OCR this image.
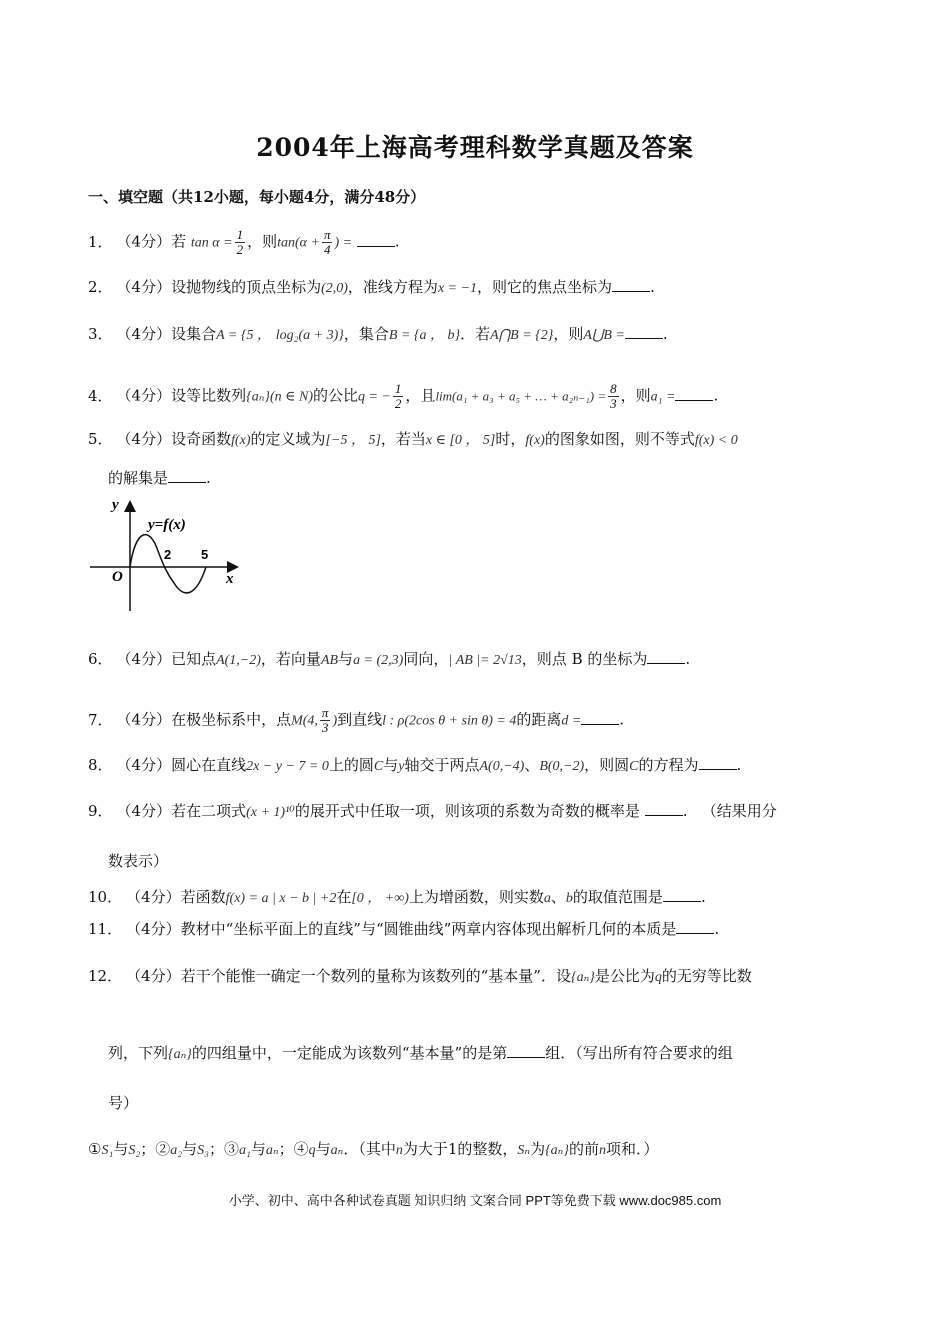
2004年上海高考理科数学真题及答案
一、填空题（共12小题，每小题4分，满分48分）
1． （4分）若 $\tan \alpha = \frac{1}{2}$ ，则$\tan(\alpha + \frac{\pi}{4}$ ) =	.
2． （4分）设抛物线的顶点坐标为(2,0)，准线方程为x = −1，则它的焦点坐标为	.
3． （4分）设集合A = {5 ， log₂(a + 3)}，集合B = {a ， b}．若A⋂B = {2}，则A⋃B =	.
4． （4分）设等比数列{aₙ}(n ∈ N)的公比q = − $\frac{1}{2}$ ，且lim(a₁ + a₃ + a₅ + … + $a_{2n-1}) = \frac{8}{3}$ ，则a₁ =	.
5． （4分）设奇函数f(x)的定义域为[−5 ， 5]，若当x ∈ [0 ， 5]时，f(x)的图象如图，则不等式f(x) < 0
的解集是	.
y
x
O
y=f(x)
2 5
6． （4分）已知点A(1,−2)，若向量AB与a = (2,3)同向，| AB |= 2√13，则点 B 的坐标为	.
7． （4分）在极坐标系中，点M(4, $\frac{\pi}{3}$ )到直线l : ρ(2cos θ + sin θ) = 4的距离d =	.
8． （4分）圆心在直线2x − y − 7 = 0上的圆C与y轴交于两点A(0,−4)、B(0,−2)，则圆C的方程为	.
9． （4分）若在二项式(x + 1)¹⁰的展开式中任取一项，则该项的系数为奇数的概率是	. （结果用分
数表示）
10． （4分）若函数f(x) = a | x − b | +2在[0 ， +∞)上为增函数，则实数a、b的取值范围是	.
11． （4分）教材中“坐标平面上的直线”与“圆锥曲线”两章内容体现出解析几何的本质是	.
12． （4分）若干个能惟一确定一个数列的量称为该数列的“基本量”．设{aₙ}是公比为q的无穷等比数
列，下列{aₙ}的四组量中，一定能成为该数列“基本量”的是第	组．（写出所有符合要求的组
号）
①S₁与S₂；②a₂与S₃；③a₁与aₙ；④q与aₙ．（其中n为大于1的整数，Sₙ为{aₙ}的前n项和．）
小学、初中、高中各种试卷真题 知识归纳 文案合同 PPT等免费下载 www.doc985.com
